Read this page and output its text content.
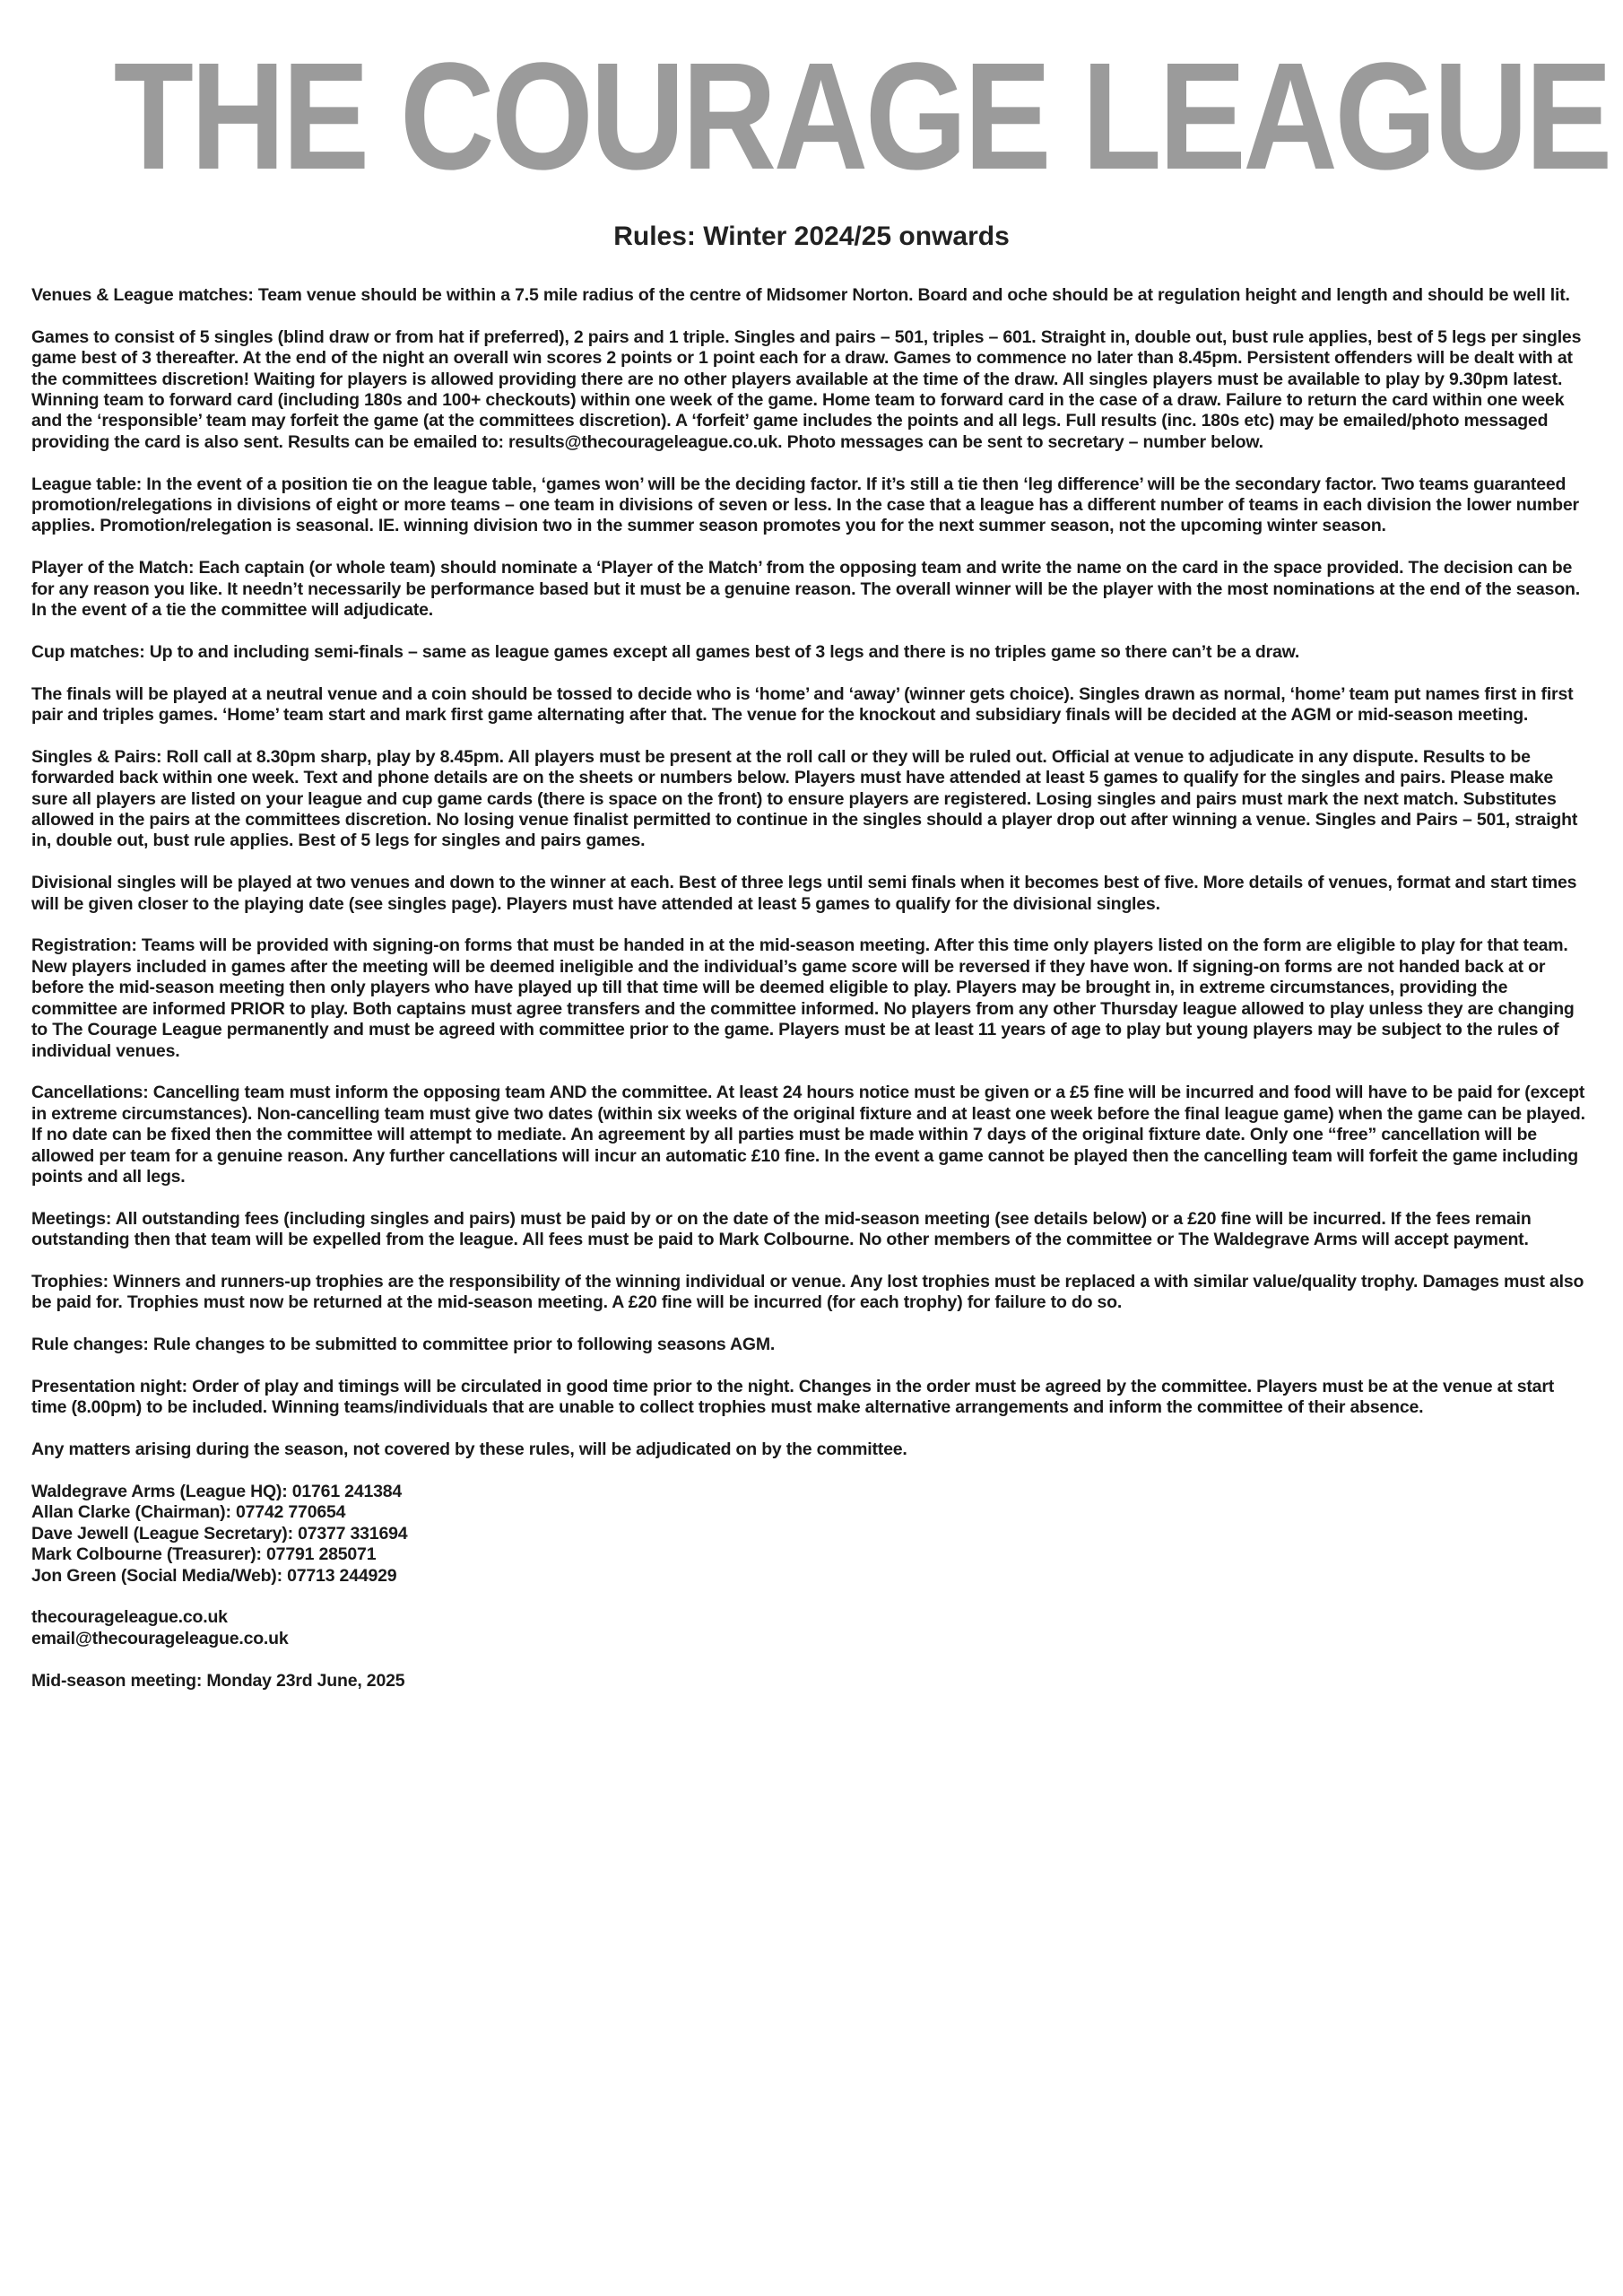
THE COURAGE LEAGUE
Rules: Winter 2024/25 onwards

Venues & League matches: Team venue should be within a 7.5 mile radius of the centre of Midsomer Norton. Board and oche should be at regulation height and length and should be well lit.

Games to consist of 5 singles (blind draw or from hat if preferred), 2 pairs and 1 triple. Singles and pairs – 501, triples – 601. Straight in, double out, bust rule applies, best of 5 legs per singles game best of 3 thereafter. At the end of the night an overall win scores 2 points or 1 point each for a draw. Games to commence no later than 8.45pm. Persistent offenders will be dealt with at the committees discretion! Waiting for players is allowed providing there are no other players available at the time of the draw. All singles players must be available to play by 9.30pm latest. Winning team to forward card (including 180s and 100+ checkouts) within one week of the game. Home team to forward card in the case of a draw. Failure to return the card within one week and the ‘responsible’ team may forfeit the game (at the committees discretion). A ‘forfeit’ game includes the points and all legs. Full results (inc. 180s etc) may be emailed/photo messaged providing the card is also sent. Results can be emailed to: results@thecourageleague.co.uk. Photo messages can be sent to secretary – number below.

League table: In the event of a position tie on the league table, ‘games won’ will be the deciding factor. If it’s still a tie then ‘leg difference’ will be the secondary factor. Two teams guaranteed promotion/relegations in divisions of eight or more teams – one team in divisions of seven or less. In the case that a league has a different number of teams in each division the lower number applies. Promotion/relegation is seasonal. IE. winning division two in the summer season promotes you for the next summer season, not the upcoming winter season.

Player of the Match: Each captain (or whole team) should nominate a ‘Player of the Match’ from the opposing team and write the name on the card in the space provided. The decision can be for any reason you like. It needn’t necessarily be performance based but it must be a genuine reason. The overall winner will be the player with the most nominations at the end of the season. In the event of a tie the committee will adjudicate.

Cup matches: Up to and including semi-finals – same as league games except all games best of 3 legs and there is no triples game so there can’t be a draw.

The finals will be played at a neutral venue and a coin should be tossed to decide who is ‘home’ and ‘away’ (winner gets choice). Singles drawn as normal, ‘home’ team put names first in first pair and triples games. ‘Home’ team start and mark first game alternating after that. The venue for the knockout and subsidiary finals will be decided at the AGM or mid-season meeting.

Singles & Pairs: Roll call at 8.30pm sharp, play by 8.45pm. All players must be present at the roll call or they will be ruled out. Official at venue to adjudicate in any dispute. Results to be forwarded back within one week. Text and phone details are on the sheets or numbers below. Players must have attended at least 5 games to qualify for the singles and pairs. Please make sure all players are listed on your league and cup game cards (there is space on the front) to ensure players are registered. Losing singles and pairs must mark the next match. Substitutes allowed in the pairs at the committees discretion. No losing venue finalist permitted to continue in the singles should a player drop out after winning a venue. Singles and Pairs – 501, straight in, double out, bust rule applies. Best of 5 legs for singles and pairs games.

Divisional singles will be played at two venues and down to the winner at each. Best of three legs until semi finals when it becomes best of five. More details of venues, format and start times will be given closer to the playing date (see singles page). Players must have attended at least 5 games to qualify for the divisional singles.

Registration: Teams will be provided with signing-on forms that must be handed in at the mid-season meeting. After this time only players listed on the form are eligible to play for that team. New players included in games after the meeting will be deemed ineligible and the individual’s game score will be reversed if they have won. If signing-on forms are not handed back at or before the mid-season meeting then only players who have played up till that time will be deemed eligible to play. Players may be brought in, in extreme circumstances, providing the committee are informed PRIOR to play. Both captains must agree transfers and the committee informed. No players from any other Thursday league allowed to play unless they are changing to The Courage League permanently and must be agreed with committee prior to the game. Players must be at least 11 years of age to play but young players may be subject to the rules of individual venues.

Cancellations: Cancelling team must inform the opposing team AND the committee. At least 24 hours notice must be given or a £5 fine will be incurred and food will have to be paid for (except in extreme circumstances). Non-cancelling team must give two dates (within six weeks of the original fixture and at least one week before the final league game) when the game can be played. If no date can be fixed then the committee will attempt to mediate. An agreement by all parties must be made within 7 days of the original fixture date. Only one “free” cancellation will be allowed per team for a genuine reason. Any further cancellations will incur an automatic £10 fine. In the event a game cannot be played then the cancelling team will forfeit the game including points and all legs.

Meetings: All outstanding fees (including singles and pairs) must be paid by or on the date of the mid-season meeting (see details below) or a £20 fine will be incurred. If the fees remain outstanding then that team will be expelled from the league. All fees must be paid to Mark Colbourne. No other members of the committee or The Waldegrave Arms will accept payment.

Trophies: Winners and runners-up trophies are the responsibility of the winning individual or venue. Any lost trophies must be replaced a with similar value/quality trophy. Damages must also be paid for. Trophies must now be returned at the mid-season meeting. A £20 fine will be incurred (for each trophy) for failure to do so.

Rule changes: Rule changes to be submitted to committee prior to following seasons AGM.

Presentation night: Order of play and timings will be circulated in good time prior to the night. Changes in the order must be agreed by the committee. Players must be at the venue at start time (8.00pm) to be included. Winning teams/individuals that are unable to collect trophies must make alternative arrangements and inform the committee of their absence.

Any matters arising during the season, not covered by these rules, will be adjudicated on by the committee.

Waldegrave Arms (League HQ): 01761 241384

Allan Clarke (Chairman): 07742 770654

Dave Jewell (League Secretary): 07377 331694

Mark Colbourne (Treasurer): 07791 285071

Jon Green (Social Media/Web): 07713 244929

thecourageleague.co.uk

email@thecourageleague.co.uk

Mid-season meeting: Monday 23rd June, 2025
